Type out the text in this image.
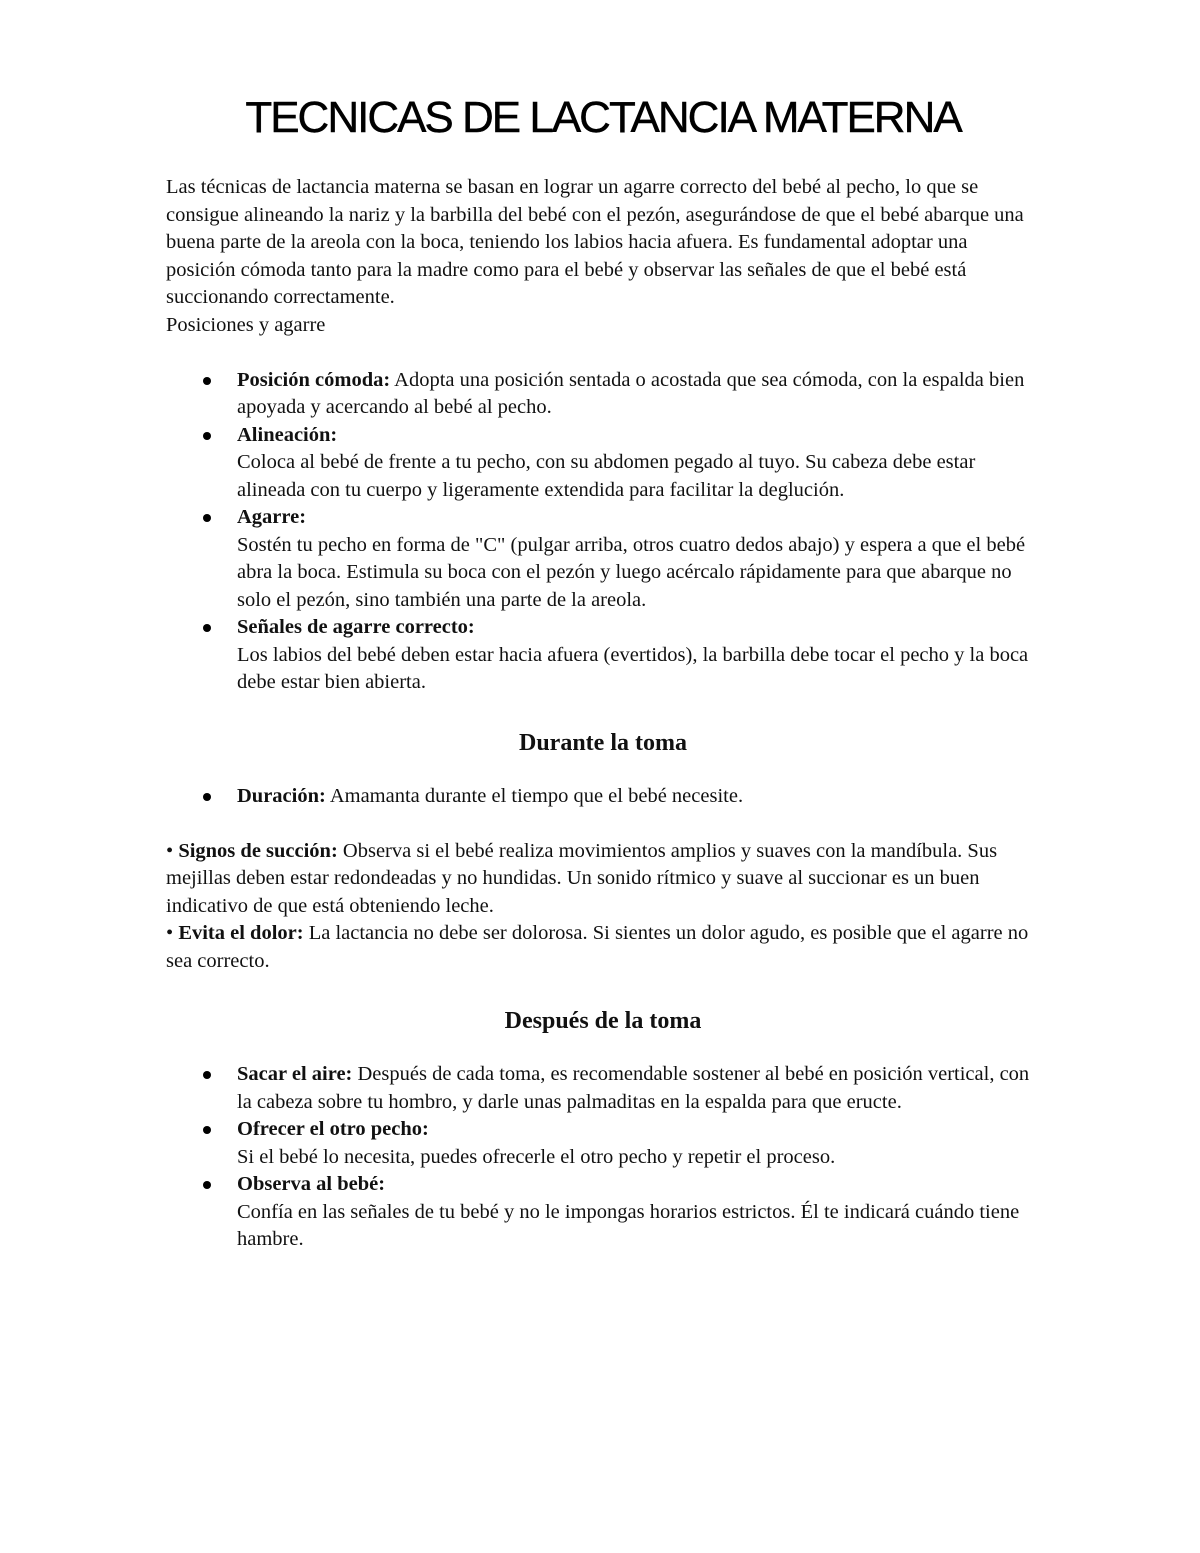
TECNICAS DE LACTANCIA MATERNA

Las técnicas de lactancia materna se basan en lograr un agarre correcto del bebé al pecho, lo que se consigue alineando la nariz y la barbilla del bebé con el pezón, asegurándose de que el bebé abarque una buena parte de la areola con la boca, teniendo los labios hacia afuera. Es fundamental adoptar una posición cómoda tanto para la madre como para el bebé y observar las señales de que el bebé está succionando correctamente.

Posiciones y agarre

Posición cómoda: Adopta una posición sentada o acostada que sea cómoda, con la espalda bien apoyada y acercando al bebé al pecho.
Alineación:
Coloca al bebé de frente a tu pecho, con su abdomen pegado al tuyo. Su cabeza debe estar alineada con tu cuerpo y ligeramente extendida para facilitar la deglución.
Agarre:
Sostén tu pecho en forma de "C" (pulgar arriba, otros cuatro dedos abajo) y espera a que el bebé abra la boca. Estimula su boca con el pezón y luego acércalo rápidamente para que abarque no solo el pezón, sino también una parte de la areola.
Señales de agarre correcto:
Los labios del bebé deben estar hacia afuera (evertidos), la barbilla debe tocar el pecho y la boca debe estar bien abierta.
Durante la toma
Duración: Amamanta durante el tiempo que el bebé necesite.

• Signos de succión: Observa si el bebé realiza movimientos amplios y suaves con la mandíbula. Sus mejillas deben estar redondeadas y no hundidas. Un sonido rítmico y suave al succionar es un buen indicativo de que está obteniendo leche.

• Evita el dolor: La lactancia no debe ser dolorosa. Si sientes un dolor agudo, es posible que el agarre no sea correcto.

Después de la toma
Sacar el aire: Después de cada toma, es recomendable sostener al bebé en posición vertical, con la cabeza sobre tu hombro, y darle unas palmaditas en la espalda para que eructe.
Ofrecer el otro pecho:
Si el bebé lo necesita, puedes ofrecerle el otro pecho y repetir el proceso.
Observa al bebé:
Confía en las señales de tu bebé y no le impongas horarios estrictos. Él te indicará cuándo tiene hambre.
